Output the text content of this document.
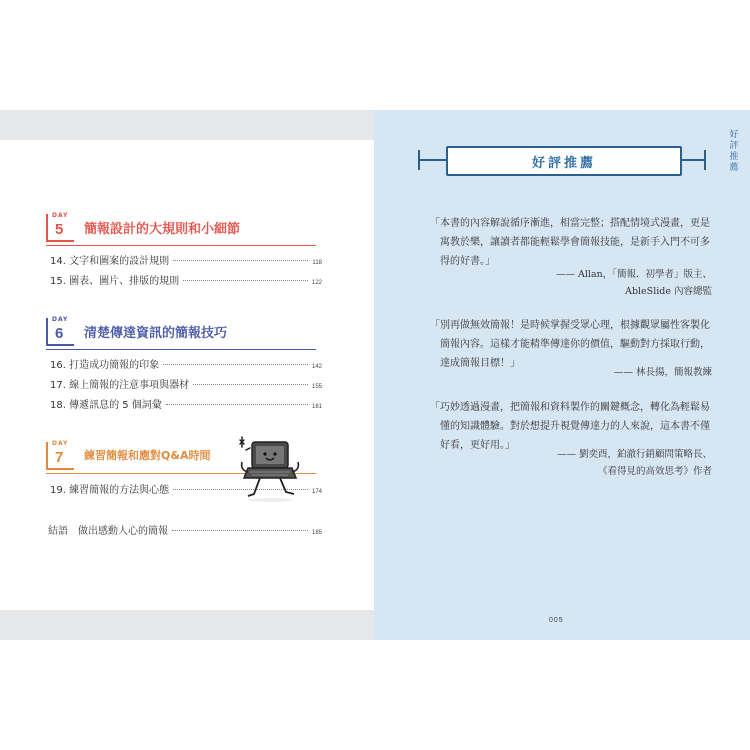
DAY
5 簡報設計的大規則和小細節
14. 文字和圖案的設計規則	118
15. 圖表、圖片、排版的規則	122
DAY
6 清楚傳達資訊的簡報技巧
16. 打造成功簡報的印象	142
17. 線上簡報的注意事項與器材	155
18. 傳遞訊息的 5 個詞彙	161
DAY
7 練習簡報和應對Q&A時間
19. 練習簡報的方法與心態	174
結語　做出感動人心的簡報	185
好評推薦
好
評
推
薦

「本書的內容解說循序漸進，相當完整；搭配情境式漫畫，更是寓教於樂，讓讀者都能輕鬆學會簡報技能，是新手入門不可多得的好書。」

—— Allan，「簡報．初學者」版主、
AbleSlide 內容總監

「別再做無效簡報！是時候掌握受眾心理，根據觀眾屬性客製化簡報內容。這樣才能精準傳達你的價值，驅動對方採取行動，達成簡報目標！」

—— 林長揚，簡報教練

「巧妙透過漫畫，把簡報和資料製作的關鍵概念，轉化為輕鬆易懂的知識體驗。對於想提升視覺傳達力的人來說，這本書不僅好看，更好用。」

—— 劉奕酉，鉑澈行銷顧問策略長、
《看得見的高效思考》作者
005
